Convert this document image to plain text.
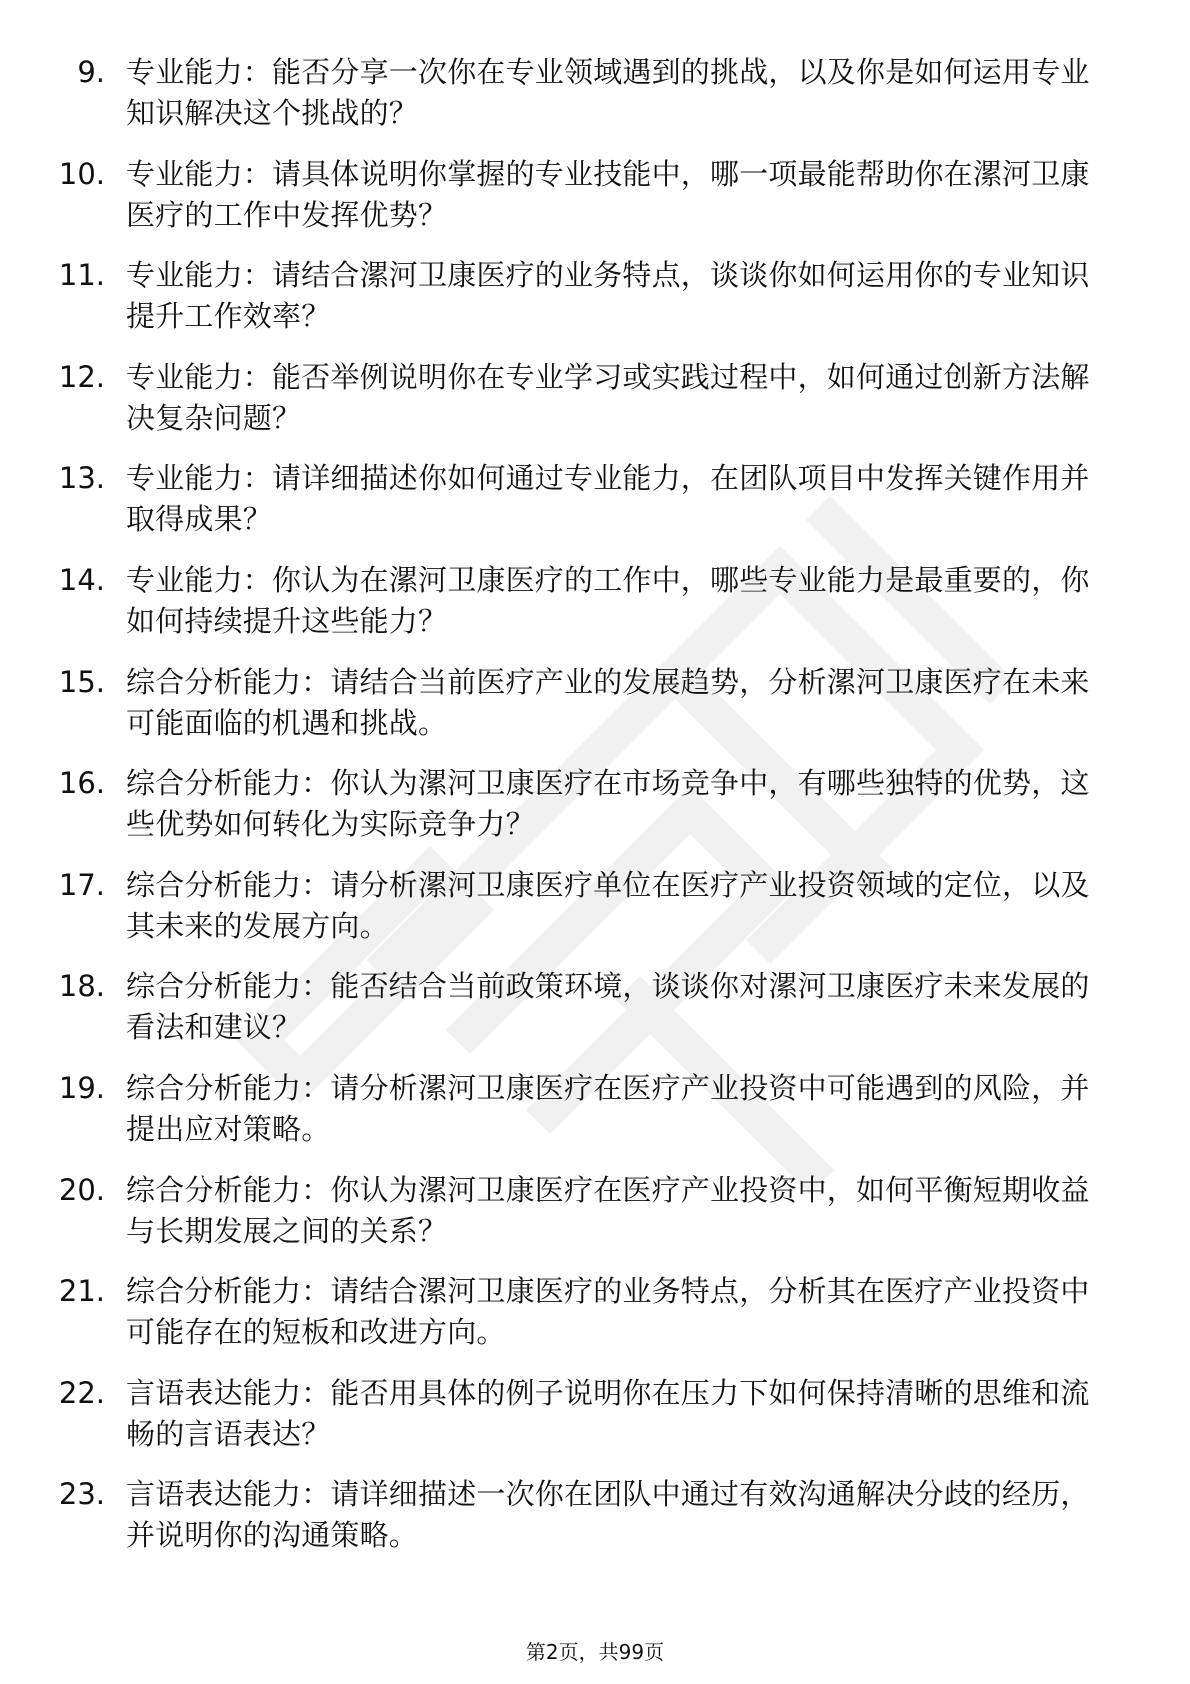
9. 专业能力：能否分享一次你在专业领域遇到的挑战，以及你是如何运用专业知识解决这个挑战的？
10. 专业能力：请具体说明你掌握的专业技能中，哪一项最能帮助你在漯河卫康医疗的工作中发挥优势？
11. 专业能力：请结合漯河卫康医疗的业务特点，谈谈你如何运用你的专业知识提升工作效率？
12. 专业能力：能否举例说明你在专业学习或实践过程中，如何通过创新方法解决复杂问题？
13. 专业能力：请详细描述你如何通过专业能力，在团队项目中发挥关键作用并取得成果？
14. 专业能力：你认为在漯河卫康医疗的工作中，哪些专业能力是最重要的，你如何持续提升这些能力？
15. 综合分析能力：请结合当前医疗产业的发展趋势，分析漯河卫康医疗在未来可能面临的机遇和挑战。
16. 综合分析能力：你认为漯河卫康医疗在市场竞争中，有哪些独特的优势，这些优势如何转化为实际竞争力？
17. 综合分析能力：请分析漯河卫康医疗单位在医疗产业投资领域的定位，以及其未来的发展方向。
18. 综合分析能力：能否结合当前政策环境，谈谈你对漯河卫康医疗未来发展的看法和建议？
19. 综合分析能力：请分析漯河卫康医疗在医疗产业投资中可能遇到的风险，并提出应对策略。
20. 综合分析能力：你认为漯河卫康医疗在医疗产业投资中，如何平衡短期收益与长期发展之间的关系？
21. 综合分析能力：请结合漯河卫康医疗的业务特点，分析其在医疗产业投资中可能存在的短板和改进方向。
22. 言语表达能力：能否用具体的例子说明你在压力下如何保持清晰的思维和流畅的言语表达？
23. 言语表达能力：请详细描述一次你在团队中通过有效沟通解决分歧的经历，并说明你的沟通策略。
第2页，共99页
